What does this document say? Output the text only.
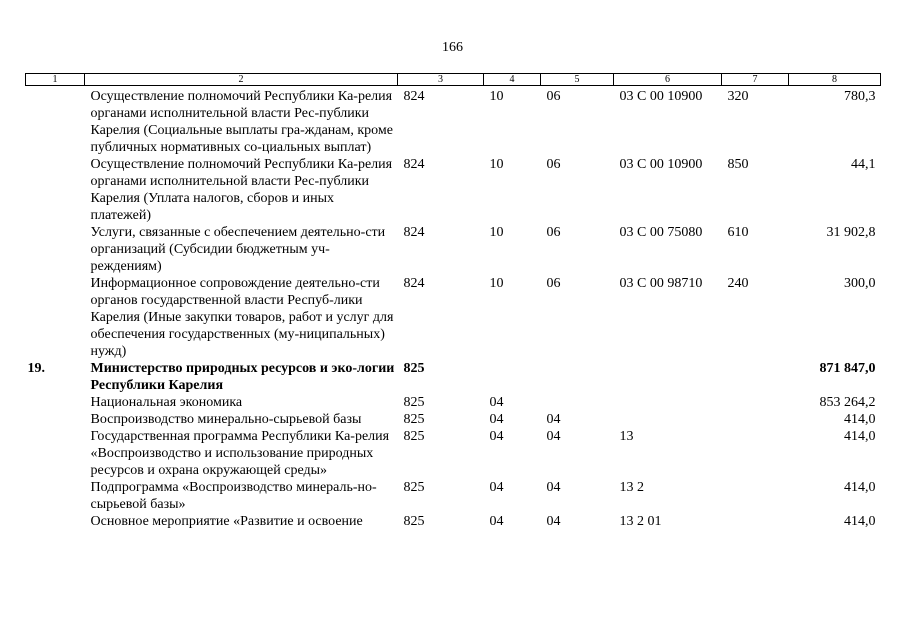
166
1	2	3	4	5	6	7	8
	Осуществление полномочий Республики Ка-релия органами исполнительной власти Рес-публики Карелия (Социальные выплаты гра-жданам, кроме публичных нормативных со-циальных выплат)	824	10	06	03 С 00 10900	320	780,3
	Осуществление полномочий Республики Ка-релия органами исполнительной власти Рес-публики Карелия (Уплата налогов, сборов и иных платежей)	824	10	06	03 С 00 10900	850	44,1
	Услуги, связанные с обеспечением деятельно-сти организаций (Субсидии бюджетным уч-реждениям)	824	10	06	03 С 00 75080	610	31 902,8
	Информационное сопровождение деятельно-сти органов государственной власти Респуб-лики Карелия (Иные закупки товаров, работ и услуг для обеспечения государственных (му-ниципальных) нужд)	824	10	06	03 С 00 98710	240	300,0
19.	Министерство природных ресурсов и эко-логии Республики Карелия	825					871 847,0
	Национальная экономика	825	04				853 264,2
	Воспроизводство минерально-сырьевой базы	825	04	04			414,0
	Государственная программа Республики Ка-релия «Воспроизводство и использование природных ресурсов и охрана окружающей среды»	825	04	04	13		414,0
	Подпрограмма «Воспроизводство минераль-но-сырьевой базы»	825	04	04	13 2		414,0
	Основное мероприятие «Развитие и освоение	825	04	04	13 2 01		414,0
